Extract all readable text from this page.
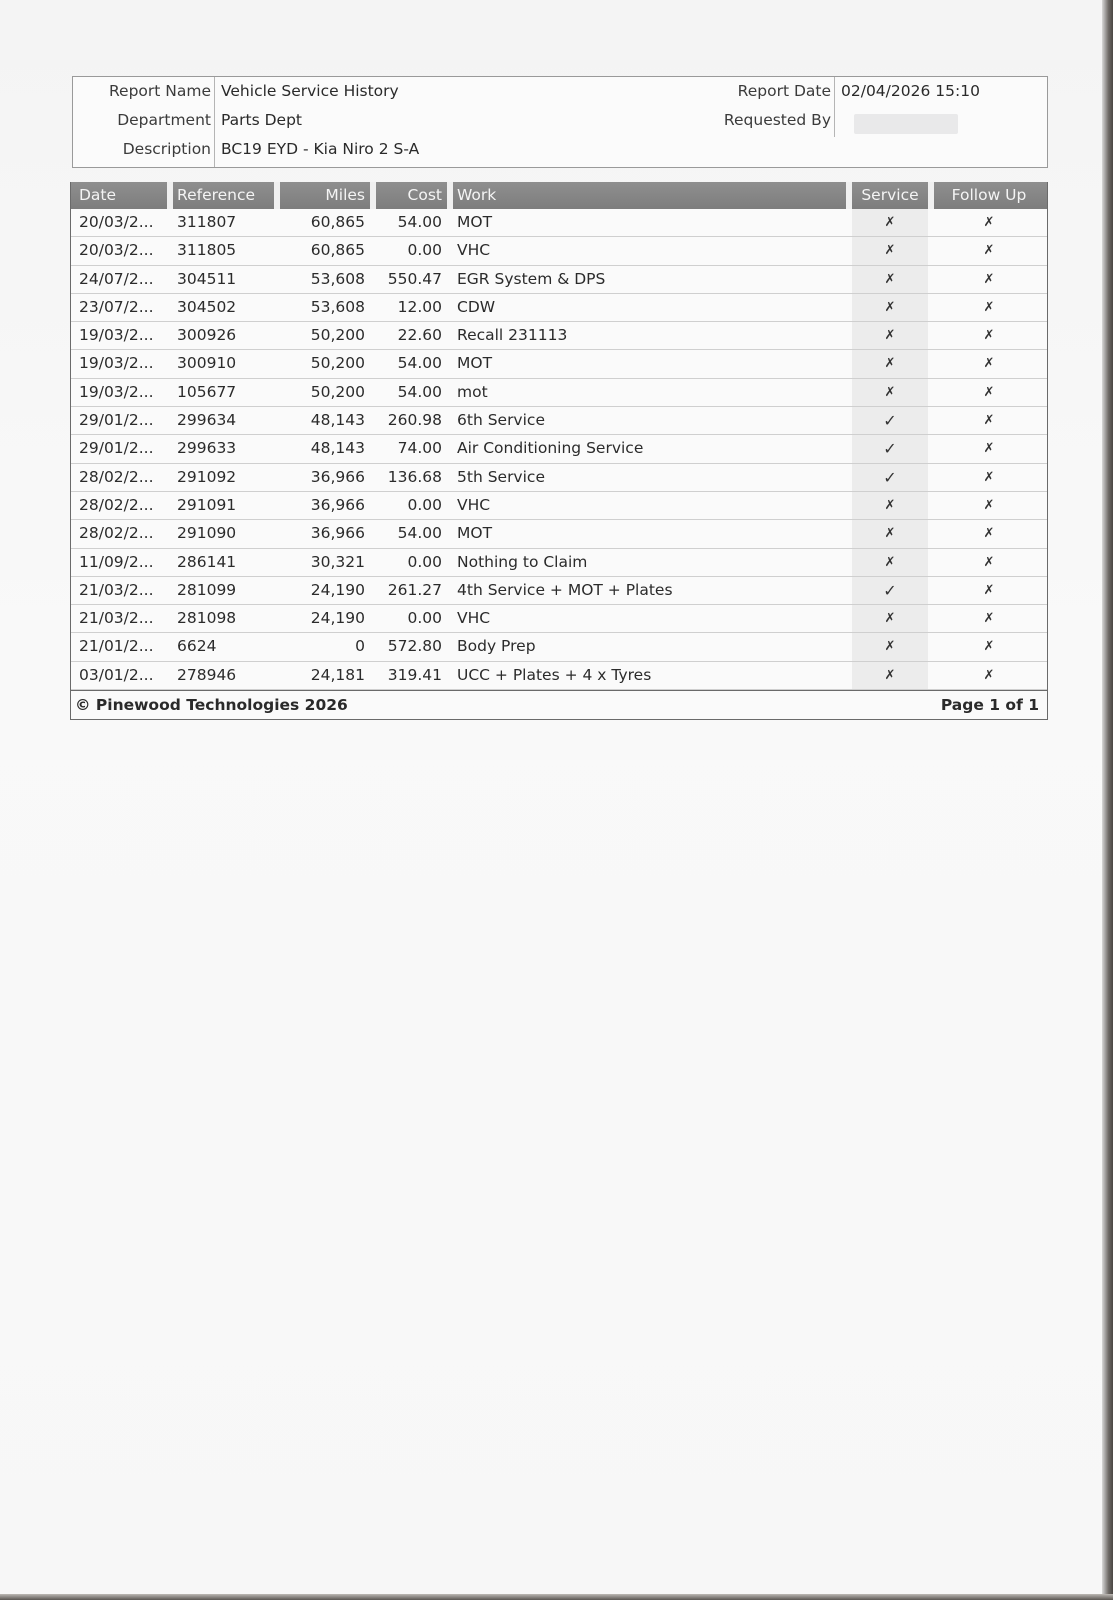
Report Name Vehicle Service History	Report Date 02/04/2026 15:10
Department Parts Dept	Requested By
Description BC19 EYD - Kia Niro 2 S-A
Date	Reference	Miles	Cost Work	Service	Follow Up
20/03/2... 311807	60,865	54.00 MOT	✗	✗
20/03/2... 311805	60,865	0.00 VHC	✗	✗
24/07/2... 304511	53,608	550.47 EGR System & DPS	✗	✗
23/07/2... 304502	53,608	12.00 CDW	✗	✗
19/03/2... 300926	50,200	22.60 Recall 231113	✗	✗
19/03/2... 300910	50,200	54.00 MOT	✗	✗
19/03/2... 105677	50,200	54.00 mot	✗	✗
29/01/2... 299634	48,143	260.98 6th Service	✓	✗
29/01/2... 299633	48,143	74.00 Air Conditioning Service	✓	✗
28/02/2... 291092	36,966	136.68 5th Service	✓	✗
28/02/2... 291091	36,966	0.00 VHC	✗	✗
28/02/2... 291090	36,966	54.00 MOT	✗	✗
11/09/2... 286141	30,321	0.00 Nothing to Claim	✗	✗
21/03/2... 281099	24,190	261.27 4th Service + MOT + Plates	✓	✗
21/03/2... 281098	24,190	0.00 VHC	✗	✗
21/01/2... 6624	0	572.80 Body Prep	✗	✗
03/01/2... 278946	24,181	319.41 UCC + Plates + 4 x Tyres	✗	✗
© Pinewood Technologies 2026	Page 1 of 1
